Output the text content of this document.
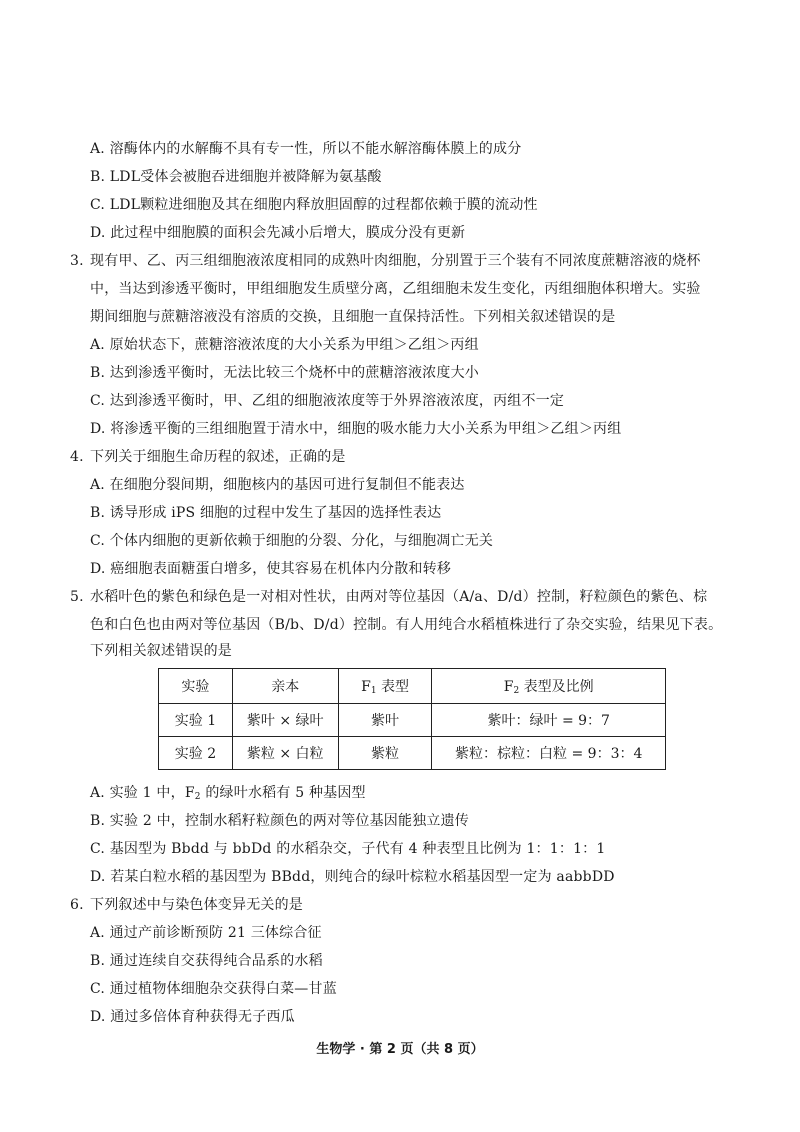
A. 溶酶体内的水解酶不具有专一性，所以不能水解溶酶体膜上的成分
B. LDL受体会被胞吞进细胞并被降解为氨基酸
C. LDL颗粒进细胞及其在细胞内释放胆固醇的过程都依赖于膜的流动性
D. 此过程中细胞膜的面积会先减小后增大，膜成分没有更新
3. 现有甲、乙、丙三组细胞液浓度相同的成熟叶肉细胞，分别置于三个装有不同浓度蔗糖溶液的烧杯
中，当达到渗透平衡时，甲组细胞发生质壁分离，乙组细胞未发生变化，丙组细胞体积增大。实验
期间细胞与蔗糖溶液没有溶质的交换，且细胞一直保持活性。下列相关叙述错误的是
A. 原始状态下，蔗糖溶液浓度的大小关系为甲组＞乙组＞丙组
B. 达到渗透平衡时，无法比较三个烧杯中的蔗糖溶液浓度大小
C. 达到渗透平衡时，甲、乙组的细胞液浓度等于外界溶液浓度，丙组不一定
D. 将渗透平衡的三组细胞置于清水中，细胞的吸水能力大小关系为甲组＞乙组＞丙组
4. 下列关于细胞生命历程的叙述，正确的是
A. 在细胞分裂间期，细胞核内的基因可进行复制但不能表达
B. 诱导形成 iPS 细胞的过程中发生了基因的选择性表达
C. 个体内细胞的更新依赖于细胞的分裂、分化，与细胞凋亡无关
D. 癌细胞表面糖蛋白增多，使其容易在机体内分散和转移
5. 水稻叶色的紫色和绿色是一对相对性状，由两对等位基因（A/a、D/d）控制，籽粒颜色的紫色、棕
色和白色也由两对等位基因（B/b、D/d）控制。有人用纯合水稻植株进行了杂交实验，结果见下表。
下列相关叙述错误的是
实验	亲本	$F_1$ 表型	$F_2$ 表型及比例
实验 1	紫叶 × 绿叶	紫叶	紫叶：绿叶 = 9：7
实验 2	紫粒 × 白粒	紫粒	紫粒：棕粒：白粒 = 9：3：4
A. 实验 1 中，$F_2$ 的绿叶水稻有 5 种基因型
B. 实验 2 中，控制水稻籽粒颜色的两对等位基因能独立遗传
C. 基因型为 Bbdd 与 bbDd 的水稻杂交，子代有 4 种表型且比例为 1：1：1：1
D. 若某白粒水稻的基因型为 BBdd，则纯合的绿叶棕粒水稻基因型一定为 aabbDD
6. 下列叙述中与染色体变异无关的是
A. 通过产前诊断预防 21 三体综合征
B. 通过连续自交获得纯合品系的水稻
C. 通过植物体细胞杂交获得白菜—甘蓝
D. 通过多倍体育种获得无子西瓜
生物学 · 第 2 页（共 8 页）
